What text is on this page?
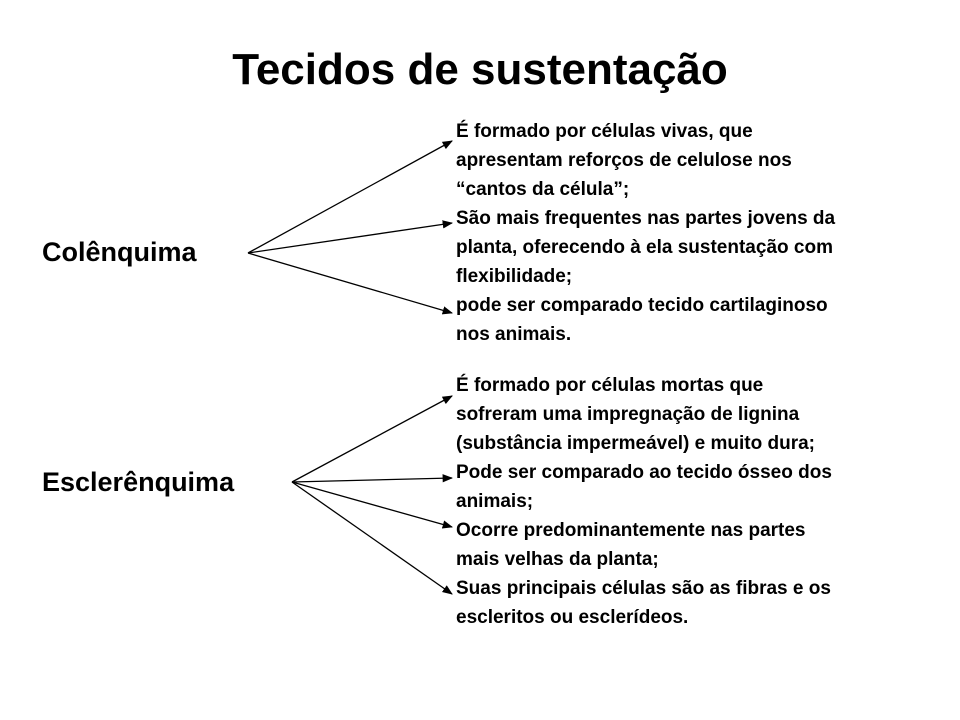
Tecidos de sustentação
Colênquima
Esclerênquima
É formado por células vivas, que
apresentam reforços de celulose nos
“cantos da célula”;
São mais frequentes nas partes jovens da
planta, oferecendo à ela sustentação com
flexibilidade;
pode ser comparado tecido cartilaginoso
nos animais.
É formado por células mortas que
sofreram uma impregnação de lignina
(substância impermeável) e muito dura;
Pode ser comparado ao tecido ósseo dos
animais;
Ocorre predominantemente nas partes
mais velhas da planta;
Suas principais células são as fibras e os
escleritos ou esclerídeos.
